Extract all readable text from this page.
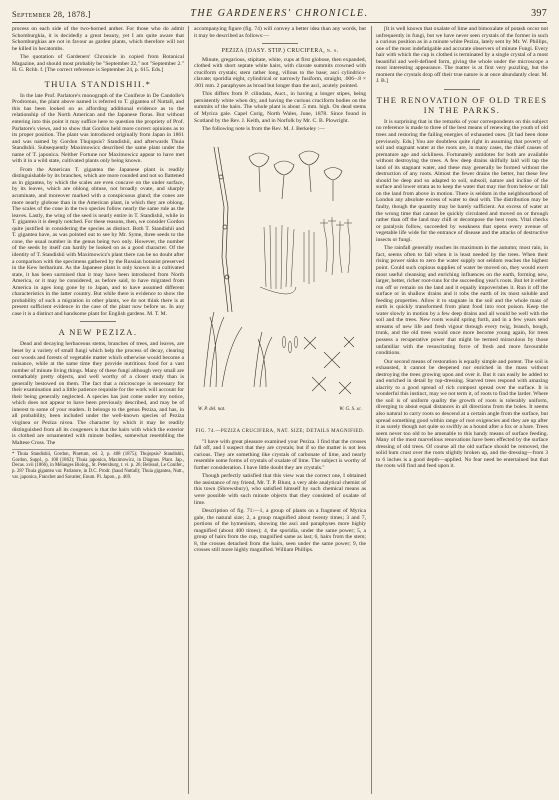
September 28, 1878.]	THE GARDENERS' CHRONICLE.	397

process on each side of the two-horned anther. For those who do admit Schomburgkia, it is decidedly a great beauty, yet I am quite aware that Schomburgkias are not in favour as garden plants, which therefore will not be killed in hecatombs.

The quotation of Gardeners' Chronicle in copied from Botanical Magazine, and should most probably be "September 22," not "September 2." H. G. Rchb. f. [The correct reference is September 24, p. 615. Eds.]

THUIA STANDISHII.*

In the late Prof. Parlatore's monograph of the Coniferæ in De Candolle's Prodromus, the plant above named is referred to T. gigantea of Nuttall, and this has been looked on as affording additional evidence as to the relationship of the North American and the Japanese floras. But without entering into this point it may suffice here to question the propriety of Prof. Parlatore's views, and to show that Gordon held more correct opinions as to its proper position. The plant was introduced originally from Japan in 1861 and was named by Gordon Thujopsis? Standishii, and afterwards Thuia Standishii. Subsequently Maximowicz described the same plant under the name of T. japonica. Neither Fortune nor Maximowicz appear to have met with it in a wild state, cultivated plants only being known.

From the American T. gigantea the Japanese plant is readily distinguishable by its branches, which are more rounded and not so flattened as in gigantea, by which the scales are even concave on the under surface, by its leaves, which are oblong obtuse, not broadly ovate, and sharply acuminate, and moreover marked with a conspicuous gland; the cones are more nearly globose than in the American plant, in which they are oblong. The scales of the cone in the two species follow nearly the same rule as the leaves. Lastly, the wing of the seed is nearly entire in T. Standishii, while in T. gigantea it is deeply notched. For these reasons, then, we consider Gordon quite justified in considering the species as distinct. Both T. Standishii and T. gigantea have, as was pointed out to see by Mr. Syme, three seeds to the cone, the usual number in the genus being two only. However, the number of the seeds by itself can hardly be looked on as a good character. Of the identity of T. Standishii with Maximowicz's plant there can be no doubt after a comparison with the specimens gathered by the Russian botanist preserved in the Kew herbarium. As the Japanese plant is only known in a cultivated state, it has been surmised that it may have been introduced from North America, or it may be considered, as before said, to have migrated from America in ages long gone by to Japan, and to have assumed different characteristics in the latter country. But while there is evidence to show the probability of such a migration in other plants, we do not think there is at present sufficient evidence in the case of the plant now before us. In any case it is a distinct and handsome plant for English gardens. M. T. M.

A NEW PEZIZA.

Dead and decaying herbaceous stems, branches of trees, and leaves, are beset by a variety of small fungi which help the process of decay, clearing our woods and forests of vegetable matter which otherwise would become a nuisance, while at the same time they provide nutritious food for a vast number of minute living things. Many of these fungi although very small are remarkably pretty objects, and well worthy of a closer study than is generally bestowed on them. The fact that a microscope is necessary for their examination and a little patience requisite for the work will account for their being generally neglected. A species has just come under my notice, which does not appear to have been previously described, and may be of interest to some of your readers. It belongs to the genus Peziza, and has, in all probability, been included under the well-known species of Peziza virginea or Peziza nivea. The character by which it may be readily distinguished from all its congeners is that the hairs with which the exterior is clothed are ornamented with minute bodies, somewhat resembling the Maltese Cross. The

* Thuia Standishii, Gordon, Pinetum, ed. 2, p. 408 (1875); Thujopsis? Standishii, Gordon, Suppl., p. 100 (1862); Thuia japonica, Maximowicz, in Diagnos. Plant. Jap., Decas. xvii (1866), in Mélanges Biolog., St. Petersburg, t. vi. p. 26; Belissol, Le Conifer., p. 28? Thuia gigantea var. Parlatore, in D.C. Prodr. (haud Nuttall); Thuia gigantea, Nutt., var. japonica, Franchet and Savatier, Enum. Pl. Japon., p. 469.

accompanying figure (fig. 74) will convey a better idea than any words, but it may be described as follows:—

PEZIZA (DASY. STIP.) CRUCIFERA, n. s.

Minute, gregarious, stipitate, white, cups at first globose, then expanded, clothed with short septate white hairs, with clavate summits crowned with cruciform crystals; stem rather long, villous to the base; asci cylindrico-clavate; sporidia eight, cylindrical or narrowly fusiform, straight, .006–.8 × .001 mm. 2 paraphyses as broad but longer than the asci, acutely pointed.

This differs from P. cilindata, Auct., in having a longer stipes, being persistently white when dry, and having the curious cruciform bodies on the summits of the hairs. The whole plant is about .5 mm. high. On dead stems of Myrica gale. Capel Curig, North Wales, June, 1878. Since found in Scotland by the Rev. J. Keith, and in Norfolk by Mr. C. B. Plowright.

The following note is from the Rev. M. J. Berkeley :—

W. P. del. nat.	W. G. S. sc.
FIG. 74.—PEZIZA CRUCIFERA, NAT. SIZE; DETAILS MAGNIFIED.

"I have with great pleasure examined your Peziza. I find that the crosses fall off, and I suspect that they are crystals; but if so the matter is not less curious. They are something like crystals of carbonate of lime, and nearly resemble some forms of crystals of oxalate of lime. The subject is worthy of further consideration. I have little doubt they are crystals."

Though perfectly satisfied that this view was the correct one, I obtained the assistance of my friend, Mr. T. P. Blunt, a very able analytical chemist of this town (Shrewsbury), who satisfied himself by such chemical means as were possible with such minute objects that they consisted of oxalate of lime.

Description of fig. 71:—1, a group of plants on a fragment of Myrica gale, the natural size; 2, a group magnified about twenty times; 3 and 7, portions of the hymenium, showing the asci and paraphyses more highly magnified (about 400 times); 4, the sporidia, under the same power; 5, a group of hairs from the cup, magnified same as last; 6, hairs from the stem; 8, the crosses detached from the hairs, seen under the same power; 9, the crosses still more highly magnified. William Phillips.

[It is well known that oxalate of lime and bimoxalate of potash occur not unfrequently in fungi, but we have never seen crystals of the former in such a curious position as in a minute white Peziza, lately sent by Mr. W. Phillips, one of the most indefatigable and accurate observers of minute Fungi. Every hair with which the cup is clothed is terminated by a single crystal of a most beautiful and well-defined form, giving the whole under the microscope a most interesting appearance. The matter is at first very puzzling, but the moment the crystals drop off their true nature is at once abundantly clear. M. J. B.]

THE RENOVATION OF OLD TREES IN THE PARKS.

It is surprising that in the remarks of your correspondents on this subject no reference is made to three of the best means of renewing the youth of old trees and restoring the failing energies of exhausted ones. [It had been done previously. Eds.] You are doubtless quite right in assuming that poverty of soil and stagnant water at the roots are, in many cases, the chief causes of premature age and sickliness. Fortunately antidotes for both are available without destroying the trees. A few deep drains skilfully laid will tap the land of its stagnant water, and these may generally be formed without the destruction of any roots. Almost the fewer drains the better, but these few should be deep and so adapted to soil, subsoil, nature and incline of the surface and lower strata as to keep the water that may rise from below or fall on the land from above in motion. There is seldom in the neighbourhood of London any absolute excess of water to deal with. The distribution may be faulty, though the quantity may be barely sufficient. An excess of water at the wrong time that cannot be quickly circulated and moved on or through rather than off the land may chill or decompose the best roots. Vital checks or paralysis follow, succeeded by weakness that opens every avenue of vegetable life wide for the entrance of disease and the attacks of destructive insects or fungi.

The rainfall generally reaches its maximum in the autumn; most rain, in fact, seems often to fall when it is least needed by the trees. When their rising power sinks to zero the water supply not seldom reaches the highest point. Could such copious supplies of water be moved on, they would exert most useful cleansing and enriching influences on the earth, forming new, larger, better, richer root-runs for the succeeding year's roots. But let it either run off or remain on the land and it equally impoverishes it. Run it off the surface or in shallow drains and it robs the earth of its most soluble and feeding properties. Allow it to stagnate in the soil and the whole mass of earth is quickly transformed from plant food into root poison. Keep the water slowly in motion by a few deep drains and all would be well with the soil and the trees. New roots would spring forth, and in a few years send streams of new life and fresh vigour through every twig, branch, bough, trunk, and the old trees would once more become young again, for trees possess a recuperative power that might be termed miraculous by those unfamiliar with the resuscitating force of fresh and more favourable conditions.

Our second means of restoration is equally simple and potent. The soil is exhausted, it cannot be deepened nor enriched in the mass without destroying the trees growing upon and over it. But it can easily be added to and enriched in detail by top-dressing. Starved trees respond with amazing alacrity to a good spread of rich compost spread over the surface. It is wonderful this instinct, may we not term it, of roots to find the larder. Where the soil is of uniform quality the growth of roots is tolerably uniform, diverging to about equal distances in all directions from the boles. It seems also natural to carry roots so descend at a certain angle from the surface, but spread something good within range of root exigencies and they are up after it as surely though not quite so swiftly as a hound after a fox or a hare. Trees seem never too old to be amenable to this handy means of surface feeding. Many of the most marvellous renovations have been effected by the surface dressing of old trees. Of course all the old surface should be removed, the solid hum crust over the roots slightly broken up, and the dressing—from 3 to 6 inches is a good depth—applied. No fear need be entertained but that the roots will find and feed upon it.
